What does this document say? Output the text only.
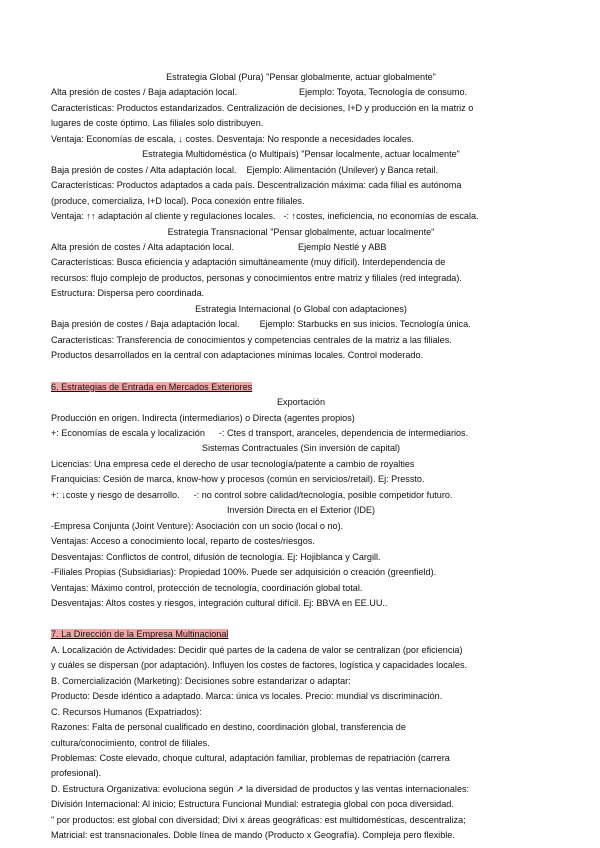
Estrategia Global (Pura) "Pensar globalmente, actuar globalmente"
Alta presión de costes / Baja adaptación local.	Ejemplo: Toyota, Tecnología de consumo.
Características: Productos estandarizados. Centralización de decisiones, I+D y producción en la matriz o
lugares de coste óptimo. Las filiales solo distribuyen.
Ventaja: Economías de escala, ↓ costes. Desventaja: No responde a necesidades locales.
Estrategia Multidoméstica (o Multipaís) "Pensar localmente, actuar localmente"
Baja presión de costes / Alta adaptación local. Ejemplo: Alimentación (Unilever) y Banca retail.
Características: Productos adaptados a cada país. Descentralización máxima: cada filial es autónoma
(produce, comercializa, I+D local). Poca conexión entre filiales.
Ventaja: ↑↑ adaptación al cliente y regulaciones locales. -: ↑costes, ineficiencia, no economías de escala.
Estrategia Transnacional "Pensar globalmente, actuar localmente"
Alta presión de costes / Alta adaptación local.	Ejemplo Nestlé y ABB
Características: Busca eficiencia y adaptación simultáneamente (muy difícil). Interdependencia de
recursos: flujo complejo de productos, personas y conocimientos entre matriz y filiales (red integrada).
Estructura: Dispersa pero coordinada.
Estrategia Internacional (o Global con adaptaciones)
Baja presión de costes / Baja adaptación local. Ejemplo: Starbucks en sus inicios. Tecnología única.
Características: Transferencia de conocimientos y competencias centrales de la matriz a las filiales.
Productos desarrollados en la central con adaptaciones mínimas locales. Control moderado.
6. Estrategias de Entrada en Mercados Exteriores
Exportación
Producción en origen. Indirecta (intermediarios) o Directa (agentes propios)
+: Economías de escala y localización -: Ctes d transport, aranceles, dependencia de intermediarios.
Sistemas Contractuales (Sin inversión de capital)
Licencias: Una empresa cede el derecho de usar tecnología/patente a cambio de royalties
Franquicias: Cesión de marca, know-how y procesos (común en servicios/retail). Ej: Pressto.
+: ↓coste y riesgo de desarrollo. -: no control sobre calidad/tecnología, posible competidor futuro.
Inversión Directa en el Exterior (IDE)
-Empresa Conjunta (Joint Venture): Asociación con un socio (local o no).
Ventajas: Acceso a conocimiento local, reparto de costes/riesgos.
Desventajas: Conflictos de control, difusión de tecnología. Ej: Hojiblanca y Cargill.
-Filiales Propias (Subsidiarias): Propiedad 100%. Puede ser adquisición o creación (greenfield).
Ventajas: Máximo control, protección de tecnología, coordinación global total.
Desventajas: Altos costes y riesgos, integración cultural difícil. Ej: BBVA en EE.UU..
7. La Dirección de la Empresa Multinacional
A. Localización de Actividades: Decidir qué partes de la cadena de valor se centralizan (por eficiencia)
y cuáles se dispersan (por adaptación). Influyen los costes de factores, logística y capacidades locales.
B. Comercialización (Marketing): Decisiones sobre estandarizar o adaptar:
Producto: Desde idéntico a adaptado. Marca: única vs locales. Precio: mundial vs discriminación.
C. Recursos Humanos (Expatriados):
Razones: Falta de personal cualificado en destino, coordinación global, transferencia de
cultura/conocimiento, control de filiales.
Problemas: Coste elevado, choque cultural, adaptación familiar, problemas de repatriación (carrera
profesional).
D. Estructura Organizativa: evoluciona según ↗ la diversidad de productos y las ventas internacionales:
División Internacional: Al inicio; Estructura Funcional Mundial: estrategia global con poca diversidad.
" por productos: est global con diversidad; Divi x áreas geográficas: est multidomésticas, descentraliza;
Matricial: est transnacionales. Doble línea de mando (Producto x Geografía). Compleja pero flexible.
